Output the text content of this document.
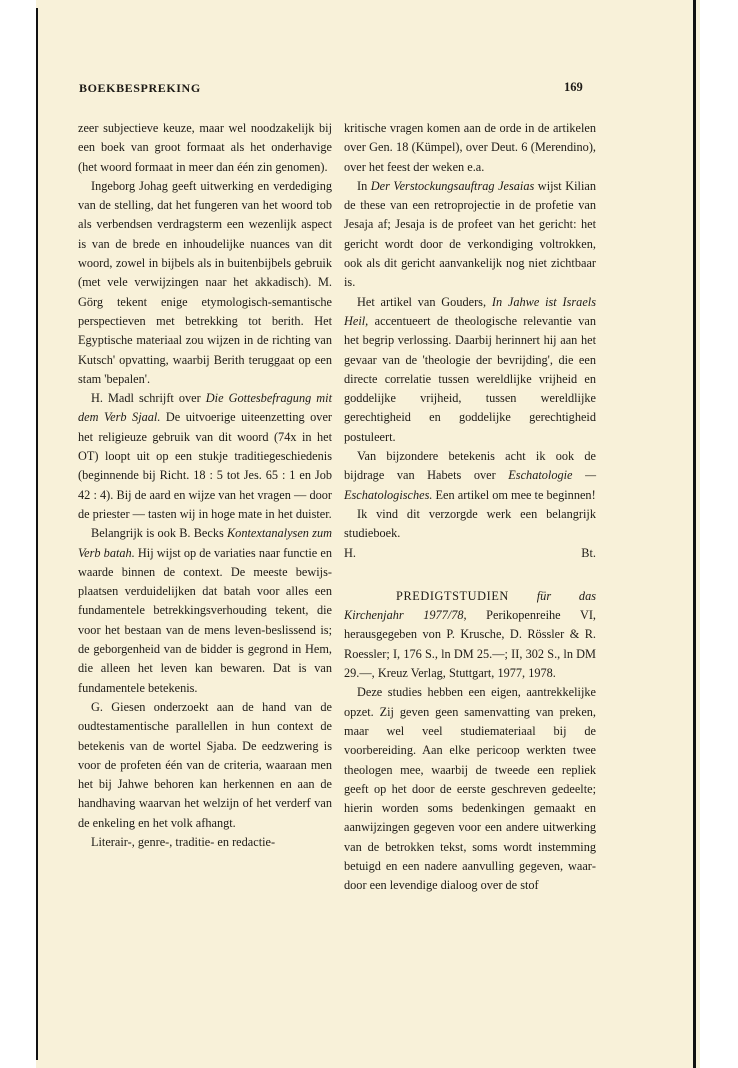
BOEKBESPREKING	169

zeer subjectieve keuze, maar wel noodzakelijk bij een boek van groot formaat als het onderhavige (het woord formaat in meer dan één zin genomen).

Ingeborg Johag geeft uitwerking en verdediging van de stelling, dat het fungeren van het woord tob als verbendsen verdragsterm een wezenlijk aspect is van de brede en inhoudelijke nuances van dit woord, zowel in bijbels als in buitenbijbels gebruik (met vele verwijzingen naar het akkadisch). M. Görg tekent enige etymologisch-semantische perspectieven met betrekking tot berith. Het Egyptische materiaal zou wijzen in de richting van Kutsch' opvatting, waarbij Berith teruggaat op een stam 'bepalen'.

H. Madl schrijft over Die Gottesbefragung mit dem Verb Sjaal. De uitvoerige uiteenzetting over het religieuze gebruik van dit woord (74x in het OT) loopt uit op een stukje traditiegeschiedenis (beginnende bij Richt. 18 : 5 tot Jes. 65 : 1 en Job 42 : 4). Bij de aard en wijze van het vragen — door de priester — tasten wij in hoge mate in het duister.

Belangrijk is ook B. Becks Kontextanalysen zum Verb batah. Hij wijst op de variaties naar functie en waarde binnen de context. De meeste bewijsplaatsen verduidelijken dat batah voor alles een fundamentele betrekkingsverhouding tekent, die voor het bestaan van de mens leven-beslissend is; de geborgenheid van de bidder is gegrond in Hem, die alleen het leven kan bewaren. Dat is van fundamentele betekenis.

G. Giesen onderzoekt aan de hand van de oudtestamentische parallellen in hun context de betekenis van de wortel Sjaba. De eedzwering is voor de profeten één van de criteria, waaraan men het bij Jahwe behoren kan herkennen en aan de handhaving waarvan het welzijn of het verderf van de enkeling en het volk afhangt.

Literair-, genre-, traditie- en redactie-

kritische vragen komen aan de orde in de artikelen over Gen. 18 (Kümpel), over Deut. 6 (Merendino), over het feest der weken e.a.

In Der Verstockungsauftrag Jesaias wijst Kilian de these van een retroprojectie in de profetie van Jesaja af; Jesaja is de profeet van het gericht: het gericht wordt door de verkondiging voltrokken, ook als dit gericht aanvankelijk nog niet zichtbaar is.

Het artikel van Gouders, In Jahwe ist Israels Heil, accentueert de theologische relevantie van het begrip verlossing. Daarbij herinnert hij aan het gevaar van de 'theologie der bevrijding', die een directe correlatie tussen wereldlijke vrijheid en goddelijke vrijheid, tussen wereldlijke gerechtigheid en goddelijke gerechtigheid postuleert.

Van bijzondere betekenis acht ik ook de bijdrage van Habets over Eschatologie —Eschatologisches. Een artikel om mee te beginnen!

Ik vind dit verzorgde werk een belangrijk studieboek.

H.	Bt.

PREDIGTSTUDIEN für das Kirchenjahr 1977/78, Perikopenreihe VI, herausgegeben von P. Krusche, D. Rössler & R. Roessler; I, 176 S., ln DM 25.—; II, 302 S., ln DM 29.—, Kreuz Verlag, Stuttgart, 1977, 1978.

Deze studies hebben een eigen, aantrekkelijke opzet. Zij geven geen samenvatting van preken, maar wel veel studiemateriaal bij de voorbereiding. Aan elke pericoop werkten twee theologen mee, waarbij de tweede een repliek geeft op het door de eerste geschreven gedeelte; hierin worden soms bedenkingen gemaakt en aanwijzingen gegeven voor een andere uitwerking van de betrokken tekst, soms wordt instemming betuigd en een nadere aanvulling gegeven, waardoor een levendige dialoog over de stof
